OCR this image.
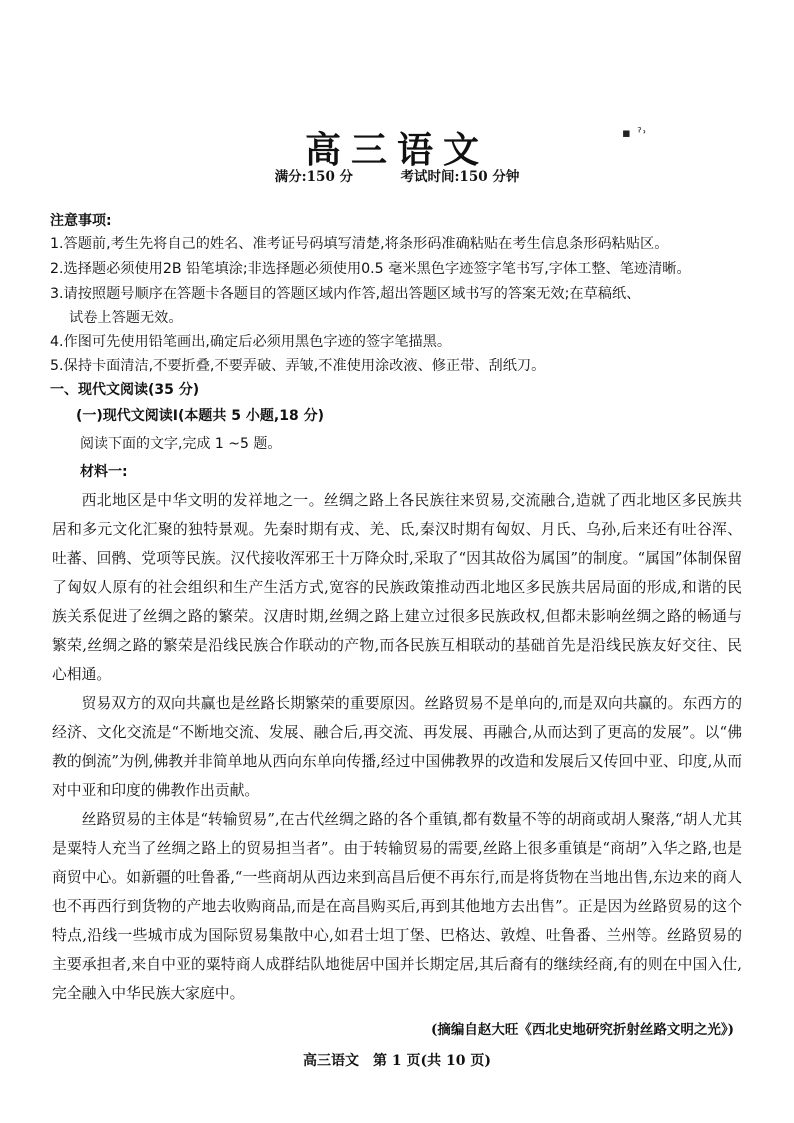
高三语文	▪ ˀ˒
满分:150 分	考试时间:150 分钟
注意事项:
1.答题前,考生先将自己的姓名、准考证号码填写清楚,将条形码准确粘贴在考生信息条形码粘贴区。
2.选择题必须使用2B 铅笔填涂;非选择题必须使用0.5 毫米黑色字迹签字笔书写,字体工整、笔迹清晰。
3.请按照题号顺序在答题卡各题目的答题区域内作答,超出答题区域书写的答案无效;在草稿纸、
试卷上答题无效。
4.作图可先使用铅笔画出,确定后必须用黑色字迹的签字笔描黑。
5.保持卡面清洁,不要折叠,不要弄破、弄皱,不准使用涂改液、修正带、刮纸刀。
一、现代文阅读(35 分)
(一)现代文阅读Ⅰ(本题共 5 小题,18 分)
阅读下面的文字,完成 1 ~5 题。
材料一:

西北地区是中华文明的发祥地之一。丝绸之路上各民族往来贸易,交流融合,造就了西北地区多民族共居和多元文化汇聚的独特景观。先秦时期有戎、羌、氐,秦汉时期有匈奴、月氏、乌孙,后来还有吐谷浑、吐蕃、回鹘、党项等民族。汉代接收浑邪王十万降众时,采取了“因其故俗为属国”的制度。“属国”体制保留了匈奴人原有的社会组织和生产生活方式,宽容的民族政策推动西北地区多民族共居局面的形成,和谐的民族关系促进了丝绸之路的繁荣。汉唐时期,丝绸之路上建立过很多民族政权,但都未影响丝绸之路的畅通与繁荣,丝绸之路的繁荣是沿线民族合作联动的产物,而各民族互相联动的基础首先是沿线民族友好交往、民心相通。

贸易双方的双向共赢也是丝路长期繁荣的重要原因。丝路贸易不是单向的,而是双向共赢的。东西方的经济、文化交流是“不断地交流、发展、融合后,再交流、再发展、再融合,从而达到了更高的发展”。以“佛教的倒流”为例,佛教并非简单地从西向东单向传播,经过中国佛教界的改造和发展后又传回中亚、印度,从而对中亚和印度的佛教作出贡献。

丝路贸易的主体是“转输贸易”,在古代丝绸之路的各个重镇,都有数量不等的胡商或胡人聚落,“胡人尤其是粟特人充当了丝绸之路上的贸易担当者”。由于转输贸易的需要,丝路上很多重镇是“商胡”入华之路,也是商贸中心。如新疆的吐鲁番,“一些商胡从西边来到高昌后便不再东行,而是将货物在当地出售,东边来的商人也不再西行到货物的产地去收购商品,而是在高昌购买后,再到其他地方去出售”。正是因为丝路贸易的这个特点,沿线一些城市成为国际贸易集散中心,如君士坦丁堡、巴格达、敦煌、吐鲁番、兰州等。丝路贸易的主要承担者,来自中亚的粟特商人成群结队地徙居中国并长期定居,其后裔有的继续经商,有的则在中国入仕,完全融入中华民族大家庭中。

(摘编自赵大旺《西北史地研究折射丝路文明之光》)
高三语文　第 1 页(共 10 页)
